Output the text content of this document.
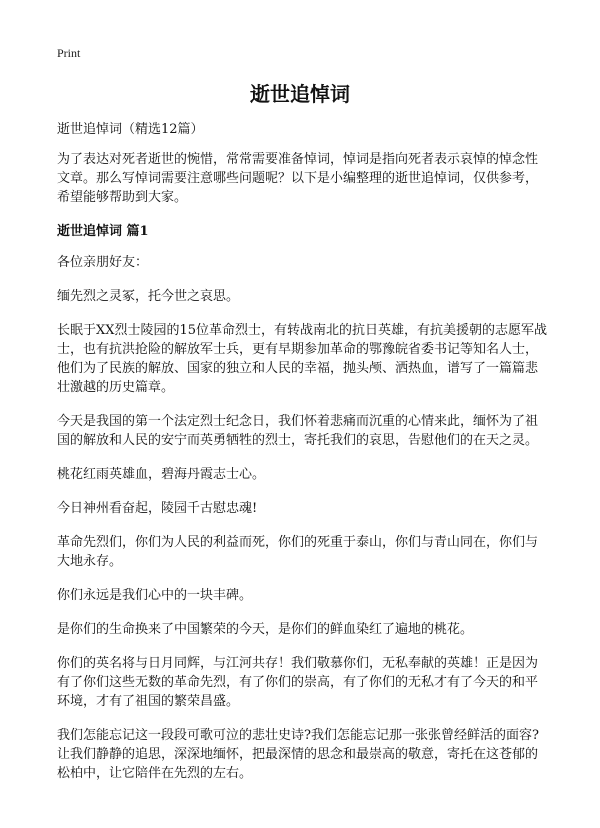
Print
逝世追悼词

逝世追悼词（精选12篇）

为了表达对死者逝世的惋惜，常常需要准备悼词，悼词是指向死者表示哀悼的悼念性文章。那么写悼词需要注意哪些问题呢？以下是小编整理的逝世追悼词，仅供参考，希望能够帮助到大家。

逝世追悼词 篇1

各位亲朋好友：

缅先烈之灵冢，托今世之哀思。

长眠于XX烈士陵园的15位革命烈士，有转战南北的抗日英雄，有抗美援朝的志愿军战士，也有抗洪抢险的解放军士兵，更有早期参加革命的鄂豫皖省委书记等知名人士，他们为了民族的解放、国家的独立和人民的幸福，抛头颅、洒热血，谱写了一篇篇悲壮激越的历史篇章。

今天是我国的第一个法定烈士纪念日，我们怀着悲痛而沉重的心情来此，缅怀为了祖国的解放和人民的安宁而英勇牺牲的烈士，寄托我们的哀思，告慰他们的在天之灵。

桃花红雨英雄血，碧海丹霞志士心。

今日神州看奋起，陵园千古慰忠魂!

革命先烈们，你们为人民的利益而死，你们的死重于泰山，你们与青山同在，你们与大地永存。

你们永远是我们心中的一块丰碑。

是你们的生命换来了中国繁荣的今天，是你们的鲜血染红了遍地的桃花。

你们的英名将与日月同辉，与江河共存！我们敬慕你们，无私奉献的英雄！正是因为有了你们这些无数的革命先烈，有了你们的崇高，有了你们的无私才有了今天的和平环境，才有了祖国的繁荣昌盛。

我们怎能忘记这一段段可歌可泣的悲壮史诗?我们怎能忘记那一张张曾经鲜活的面容?让我们静静的追思，深深地缅怀，把最深情的思念和最崇高的敬意，寄托在这苍郁的松柏中，让它陪伴在先烈的左右。
